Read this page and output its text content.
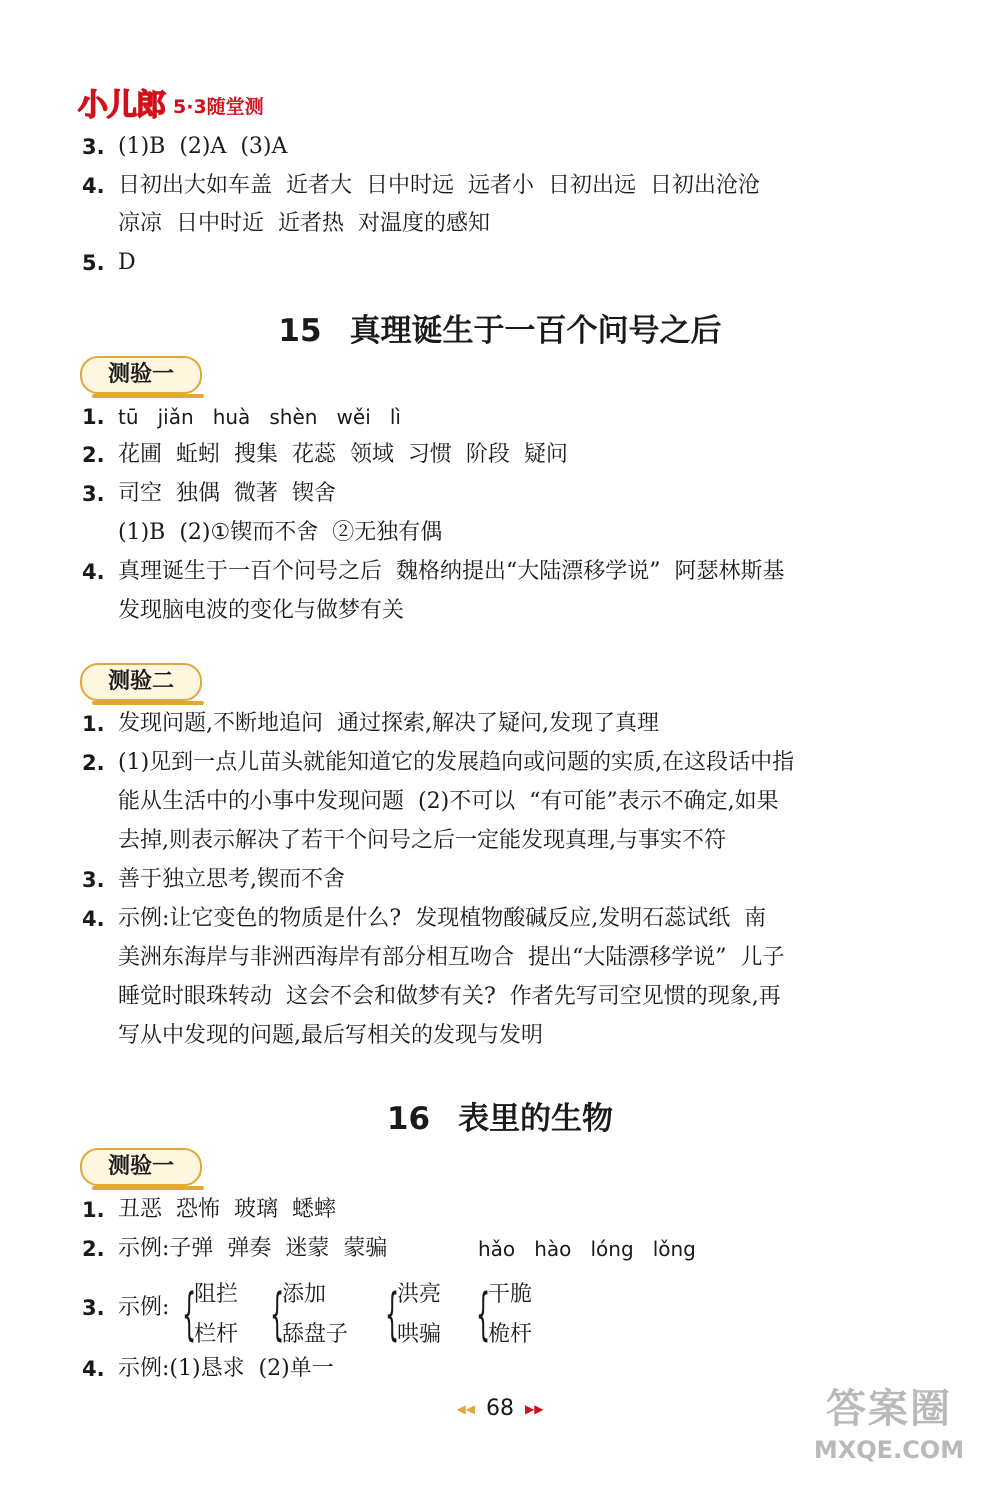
小儿郎 5·3随堂测
3. (1)B  (2)A  (3)A
4. 日初出大如车盖  近者大  日中时远  远者小  日初出远  日初出沧沧
凉凉  日中时近  近者热  对温度的感知
5. D
15 真理诞生于一百个问号之后
测验一
1. tū   jiǎn   huà   shèn   wěi   lì
2. 花圃  蚯蚓  搜集  花蕊  领域  习惯  阶段  疑问
3. 司空  独偶  微著  锲舍
(1)B  (2)①锲而不舍  ②无独有偶
4. 真理诞生于一百个问号之后  魏格纳提出“大陆漂移学说”  阿瑟林斯基
发现脑电波的变化与做梦有关
测验二
1. 发现问题,不断地追问  通过探索,解决了疑问,发现了真理
2. (1)见到一点儿苗头就能知道它的发展趋向或问题的实质,在这段话中指
能从生活中的小事中发现问题  (2)不可以  “有可能”表示不确定,如果
去掉,则表示解决了若干个问号之后一定能发现真理,与事实不符
3. 善于独立思考,锲而不舍
4. 示例:让它变色的物质是什么?  发现植物酸碱反应,发明石蕊试纸  南
美洲东海岸与非洲西海岸有部分相互吻合  提出“大陆漂移学说”  儿子
睡觉时眼珠转动  这会不会和做梦有关?  作者先写司空见惯的现象,再
写从中发现的问题,最后写相关的发现与发明
16 表里的生物
测验一
1. 丑恶  恐怖  玻璃  蟋蟀
2. 示例:子弹  弹奏  迷蒙  蒙骗	hǎo   hào   lóng   lǒng
3. 示例: {
阻拦
栏杆 {
添加
舔盘子 {
洪亮
哄骗 {
干脆
桅杆
4. 示例:(1)恳求  (2)单一
◀◀ 68 ▶▶	答案圈
MXQE.COM
